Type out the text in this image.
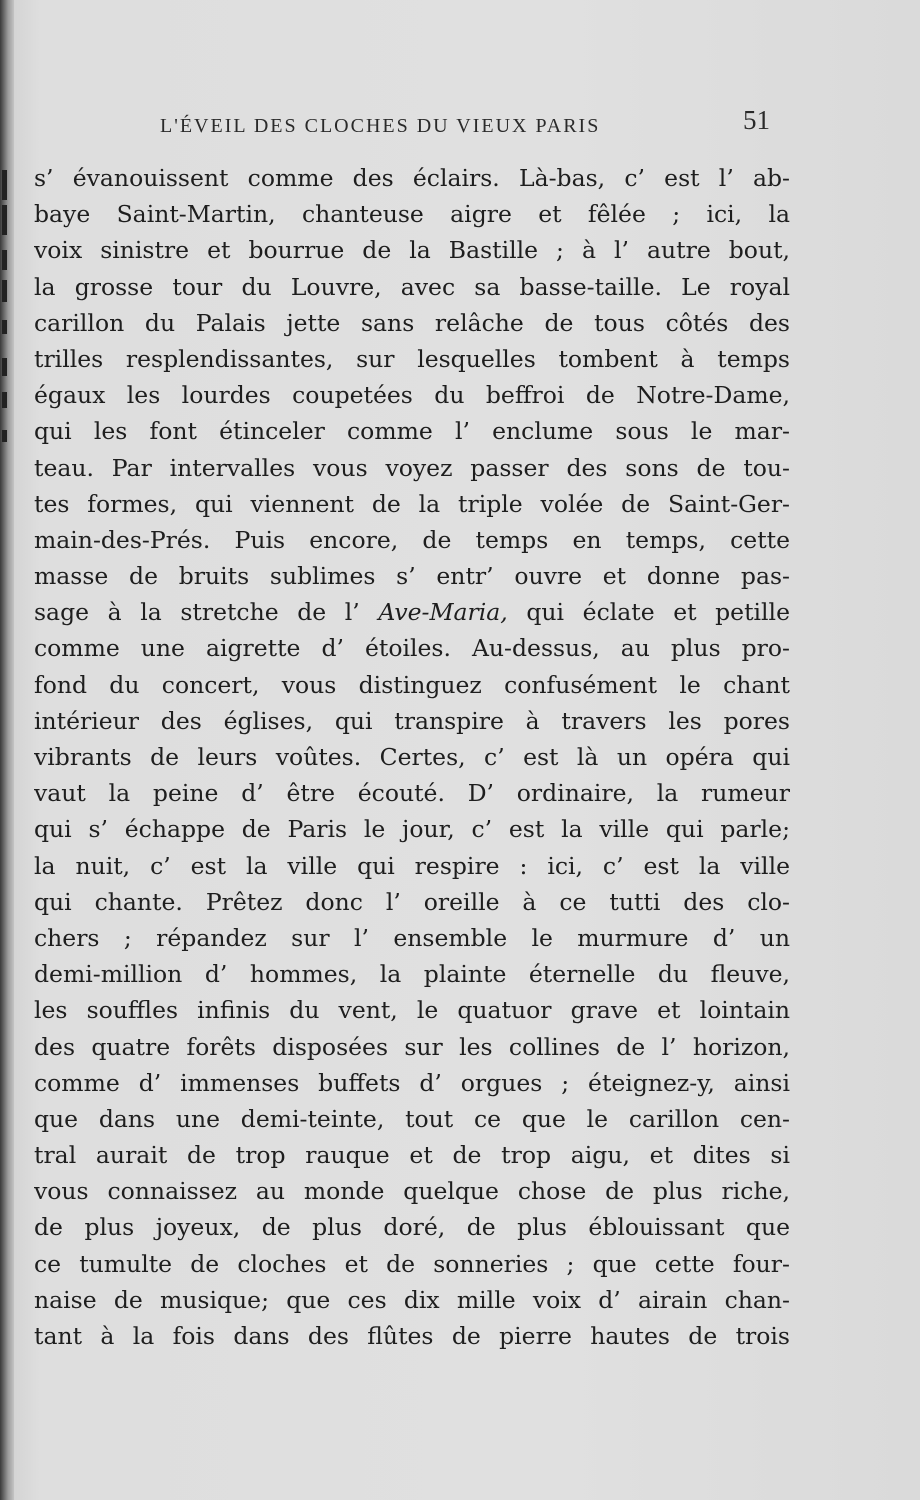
L'ÉVEIL DES CLOCHES DU VIEUX PARIS	51
s’ évanouissent comme des éclairs. Là-bas, c’ est l’ ab-
baye Saint-Martin, chanteuse aigre et fêlée ; ici, la
voix sinistre et bourrue de la Bastille ; à l’ autre bout,
la grosse tour du Louvre, avec sa basse-taille. Le royal
carillon du Palais jette sans relâche de tous côtés des
trilles resplendissantes, sur lesquelles tombent à temps
égaux les lourdes coupetées du beffroi de Notre-Dame,
qui les font étinceler comme l’ enclume sous le mar-
teau. Par intervalles vous voyez passer des sons de tou-
tes formes, qui viennent de la triple volée de Saint-Ger-
main-des-Prés. Puis encore, de temps en temps, cette
masse de bruits sublimes s’ entr’ ouvre et donne pas-
sage à la stretche de l’ Ave-Maria, qui éclate et petille
comme une aigrette d’ étoiles. Au-dessus, au plus pro-
fond du concert, vous distinguez confusément le chant
intérieur des églises, qui transpire à travers les pores
vibrants de leurs voûtes. Certes, c’ est là un opéra qui
vaut la peine d’ être écouté. D’ ordinaire, la rumeur
qui s’ échappe de Paris le jour, c’ est la ville qui parle;
la nuit, c’ est la ville qui respire : ici, c’ est la ville
qui chante. Prêtez donc l’ oreille à ce tutti des clo-
chers ; répandez sur l’ ensemble le murmure d’ un
demi-million d’ hommes, la plainte éternelle du fleuve,
les souffles infinis du vent, le quatuor grave et lointain
des quatre forêts disposées sur les collines de l’ horizon,
comme d’ immenses buffets d’ orgues ; éteignez-y, ainsi
que dans une demi-teinte, tout ce que le carillon cen-
tral aurait de trop rauque et de trop aigu, et dites si
vous connaissez au monde quelque chose de plus riche,
de plus joyeux, de plus doré, de plus éblouissant que
ce tumulte de cloches et de sonneries ; que cette four-
naise de musique; que ces dix mille voix d’ airain chan-
tant à la fois dans des flûtes de pierre hautes de trois
